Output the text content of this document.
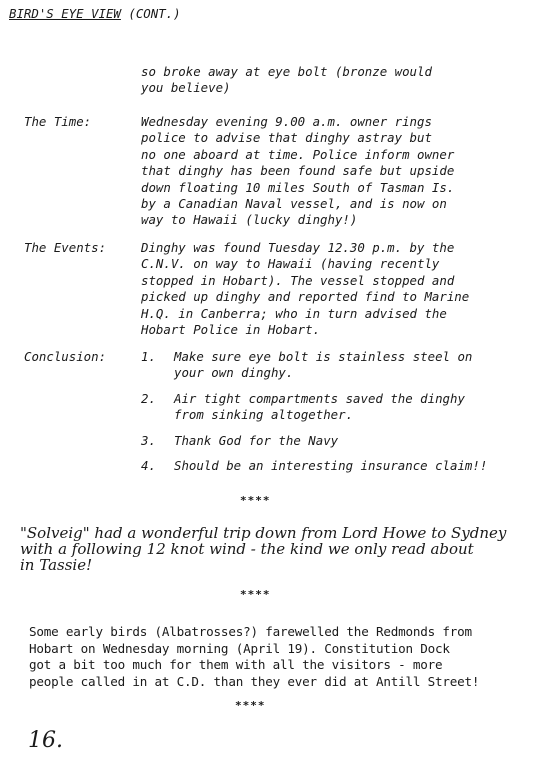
BIRD'S EYE VIEW (CONT.)
so broke away at eye bolt (bronze would
you believe)
The Time:	Wednesday evening 9.00 a.m. owner rings
police to advise that dinghy astray but
no one aboard at time. Police inform owner
that dinghy has been found safe but upside
down floating 10 miles South of Tasman Is.
by a Canadian Naval vessel, and is now on
way to Hawaii (lucky dinghy!)
The Events:	Dinghy was found Tuesday 12.30 p.m. by the
C.N.V. on way to Hawaii (having recently
stopped in Hobart). The vessel stopped and
picked up dinghy and reported find to Marine
H.Q. in Canberra; who in turn advised the
Hobart Police in Hobart.
Conclusion:	1. Make sure eye bolt is stainless steel on
your own dinghy.
2. Air tight compartments saved the dinghy
from sinking altogether.
3. Thank God for the Navy
4. Should be an interesting insurance claim!!
****
"Solveig" had a wonderful trip down from Lord Howe to Sydney
with a following 12 knot wind - the kind we only read about
in Tassie!
****
Some early birds (Albatrosses?) farewelled the Redmonds from
Hobart on Wednesday morning (April 19). Constitution Dock
got a bit too much for them with all the visitors - more
people called in at C.D. than they ever did at Antill Street!
****
16.
